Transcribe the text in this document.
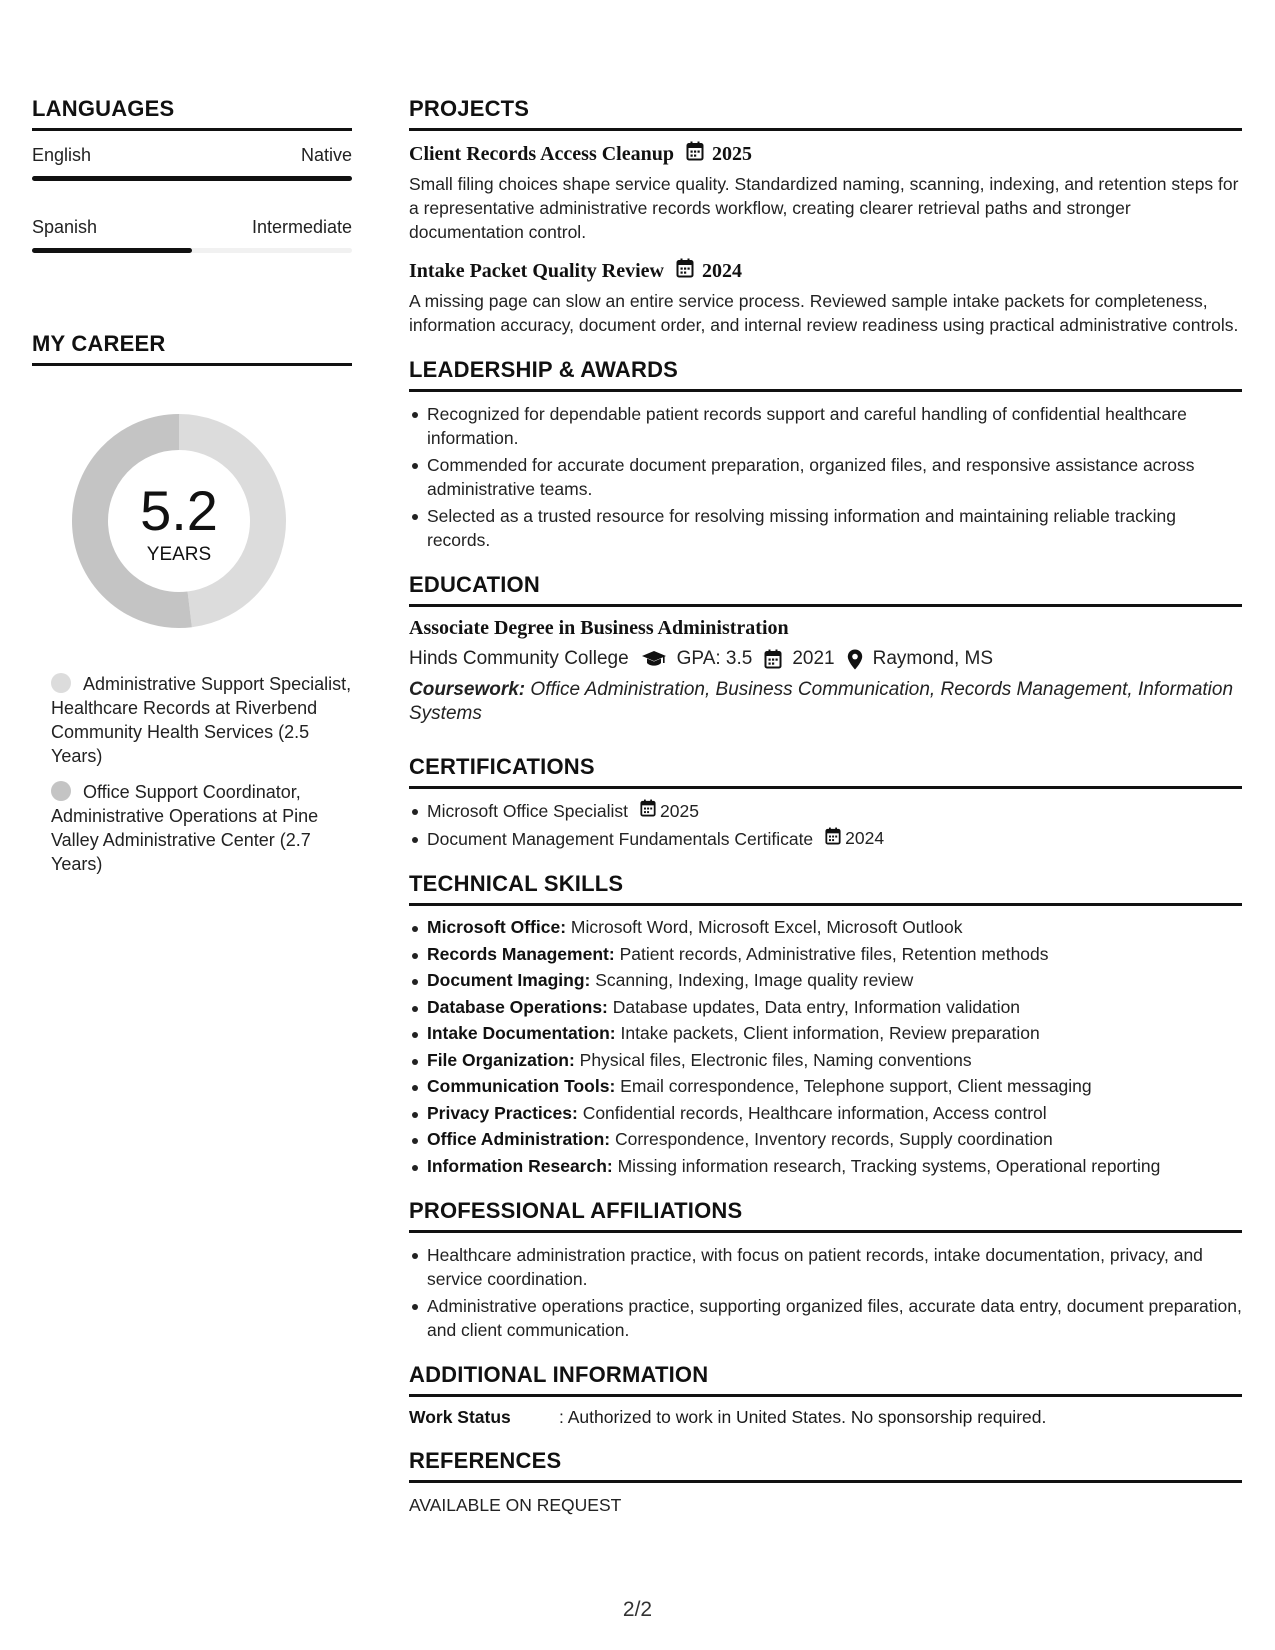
LANGUAGES
English	Native
Spanish	Intermediate
MY CAREER
5.2
YEARS
Administrative Support Specialist, Healthcare Records at Riverbend Community Health Services (2.5 Years)
Office Support Coordinator, Administrative Operations at Pine Valley Administrative Center (2.7 Years)
PROJECTS
Client Records Access Cleanup 2025
Small filing choices shape service quality. Standardized naming, scanning, indexing, and retention steps for a representative administrative records workflow, creating clearer retrieval paths and stronger documentation control.
Intake Packet Quality Review 2024
A missing page can slow an entire service process. Reviewed sample intake packets for completeness, information accuracy, document order, and internal review readiness using practical administrative controls.
LEADERSHIP & AWARDS
Recognized for dependable patient records support and careful handling of confidential healthcare information.
Commended for accurate document preparation, organized files, and responsive assistance across administrative teams.
Selected as a trusted resource for resolving missing information and maintaining reliable tracking records.
EDUCATION
Associate Degree in Business Administration
Hinds Community College	GPA: 3.5 2021 Raymond, MS
Coursework: Office Administration, Business Communication, Records Management, Information Systems
CERTIFICATIONS
Microsoft Office Specialist 2025
Document Management Fundamentals Certificate 2024
TECHNICAL SKILLS
Microsoft Office: Microsoft Word, Microsoft Excel, Microsoft Outlook
Records Management: Patient records, Administrative files, Retention methods
Document Imaging: Scanning, Indexing, Image quality review
Database Operations: Database updates, Data entry, Information validation
Intake Documentation: Intake packets, Client information, Review preparation
File Organization: Physical files, Electronic files, Naming conventions
Communication Tools: Email correspondence, Telephone support, Client messaging
Privacy Practices: Confidential records, Healthcare information, Access control
Office Administration: Correspondence, Inventory records, Supply coordination
Information Research: Missing information research, Tracking systems, Operational reporting
PROFESSIONAL AFFILIATIONS
Healthcare administration practice, with focus on patient records, intake documentation, privacy, and service coordination.
Administrative operations practice, supporting organized files, accurate data entry, document preparation, and client communication.
ADDITIONAL INFORMATION
Work Status	: Authorized to work in United States. No sponsorship required.
REFERENCES
AVAILABLE ON REQUEST
2/2
